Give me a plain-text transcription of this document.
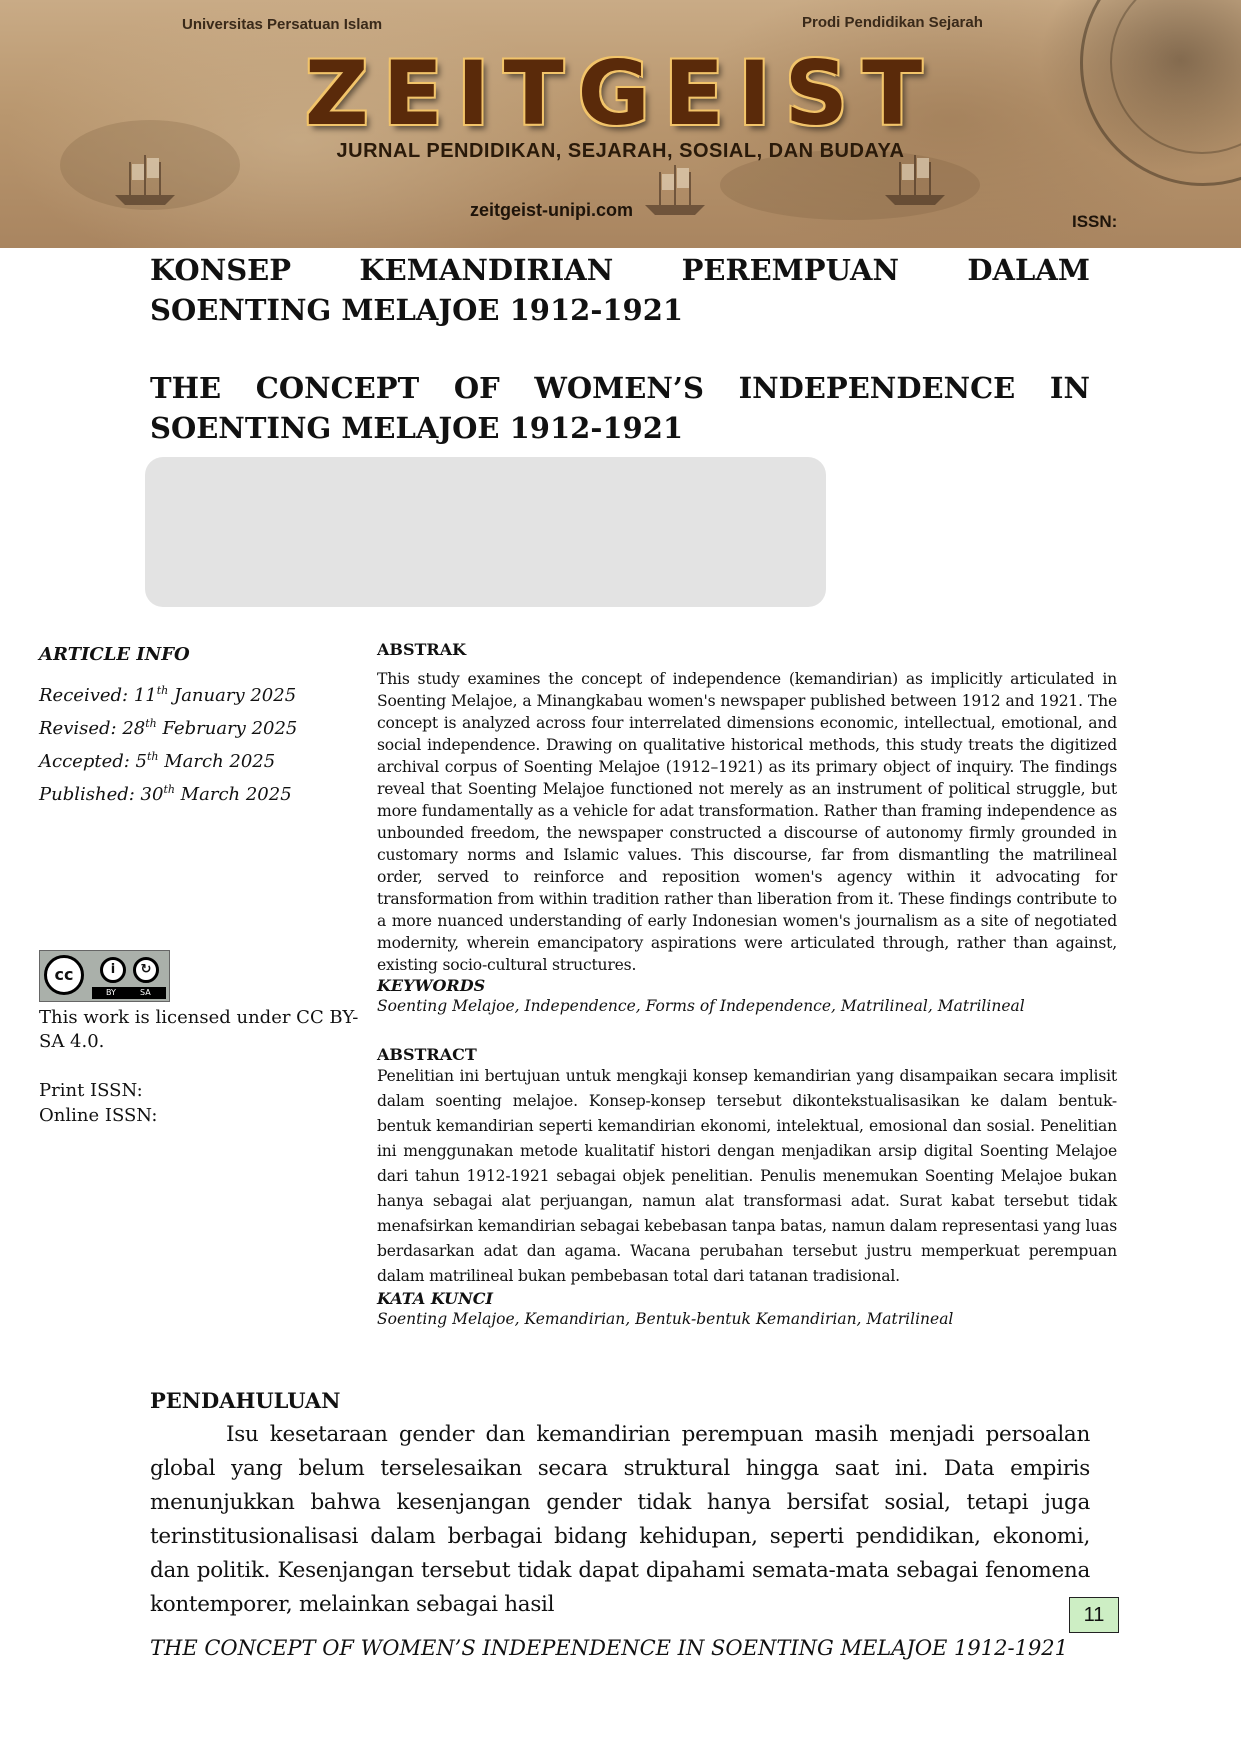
Universitas Persatuan Islam	Prodi Pendidikan Sejarah
ZEITGEIST
JURNAL PENDIDIKAN, SEJARAH, SOSIAL, DAN BUDAYA
zeitgeist-unipi.com
ISSN:
KONSEP KEMANDIRIAN PEREMPUAN DALAM SOENTING MELAJOE 1912-1921
THE CONCEPT OF WOMEN’S INDEPENDENCE IN SOENTING MELAJOE 1912-1921
ARTICLE INFO
Received: 11th January 2025
Revised: 28th February 2025
Accepted: 5th March 2025
Published: 30th March 2025
cc	i	↻
BY	SA
This work is licensed under CC BY-SA 4.0.
Print ISSN:
Online ISSN:
ABSTRAK
This study examines the concept of independence (kemandirian) as implicitly articulated in Soenting Melajoe, a Minangkabau women's newspaper published between 1912 and 1921. The concept is analyzed across four interrelated dimensions economic, intellectual, emotional, and social independence. Drawing on qualitative historical methods, this study treats the digitized archival corpus of Soenting Melajoe (1912–1921) as its primary object of inquiry. The findings reveal that Soenting Melajoe functioned not merely as an instrument of political struggle, but more fundamentally as a vehicle for adat transformation. Rather than framing independence as unbounded freedom, the newspaper constructed a discourse of autonomy firmly grounded in customary norms and Islamic values. This discourse, far from dismantling the matrilineal order, served to reinforce and reposition women's agency within it advocating for transformation from within tradition rather than liberation from it. These findings contribute to a more nuanced understanding of early Indonesian women's journalism as a site of negotiated modernity, wherein emancipatory aspirations were articulated through, rather than against, existing socio-cultural structures.
KEYWORDS
Soenting Melajoe, Independence, Forms of Independence, Matrilineal, Matrilineal
ABSTRACT
Penelitian ini bertujuan untuk mengkaji konsep kemandirian yang disampaikan secara implisit dalam soenting melajoe. Konsep-konsep tersebut dikontekstualisasikan ke dalam bentuk-bentuk kemandirian seperti kemandirian ekonomi, intelektual, emosional dan sosial. Penelitian ini menggunakan metode kualitatif histori dengan menjadikan arsip digital Soenting Melajoe dari tahun 1912-1921 sebagai objek penelitian. Penulis menemukan Soenting Melajoe bukan hanya sebagai alat perjuangan, namun alat transformasi adat. Surat kabat tersebut tidak menafsirkan kemandirian sebagai kebebasan tanpa batas, namun dalam representasi yang luas berdasarkan adat dan agama. Wacana perubahan tersebut justru memperkuat perempuan dalam matrilineal bukan pembebasan total dari tatanan tradisional.
KATA KUNCI
Soenting Melajoe, Kemandirian, Bentuk-bentuk Kemandirian, Matrilineal
PENDAHULUAN
Isu kesetaraan gender dan kemandirian perempuan masih menjadi persoalan global yang belum terselesaikan secara struktural hingga saat ini. Data empiris menunjukkan bahwa kesenjangan gender tidak hanya bersifat sosial, tetapi juga terinstitusionalisasi dalam berbagai bidang kehidupan, seperti pendidikan, ekonomi, dan politik. Kesenjangan tersebut tidak dapat dipahami semata-mata sebagai fenomena kontemporer, melainkan sebagai hasil	11
THE CONCEPT OF WOMEN’S INDEPENDENCE IN SOENTING MELAJOE 1912-1921
